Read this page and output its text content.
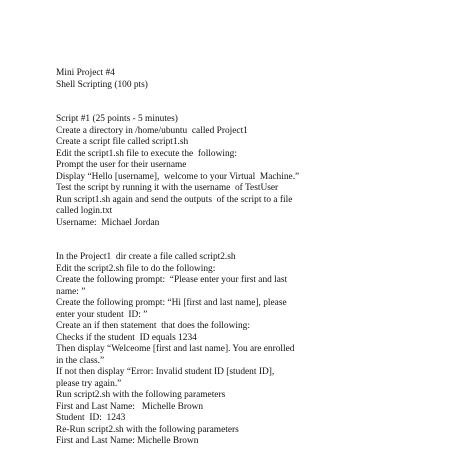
Mini Project #4
Shell Scripting (100 pts)
Script #1 (25 points - 5 minutes)
Create a directory in /home/ubuntu  called Project1
Create a script file called script1.sh
Edit the script1.sh file to execute the  following:
Prompt the user for their username
Display “Hello [username],  welcome to your Virtual  Machine.”
Test the script by running it with the username  of TestUser
Run script1.sh again and send the outputs  of the script to a file
called login.txt
Username:  Michael Jordan
In the Project1  dir create a file called script2.sh
Edit the script2.sh file to do the following:
Create the following prompt:  “Please enter your first and last
name: ”
Create the following prompt: “Hi [first and last name], please
enter your student  ID: ”
Create an if then statement  that does the following:
Checks if the student  ID equals 1234
Then display “Welceome [first and last name]. You are enrolled
in the class.”
If not then display “Error: Invalid student ID [student ID],
please try again.”
Run script2.sh with the following parameters
First and Last Name:   Michelle Brown
Student  ID:  1243
Re-Run script2.sh with the following parameters
First and Last Name: Michelle Brown
